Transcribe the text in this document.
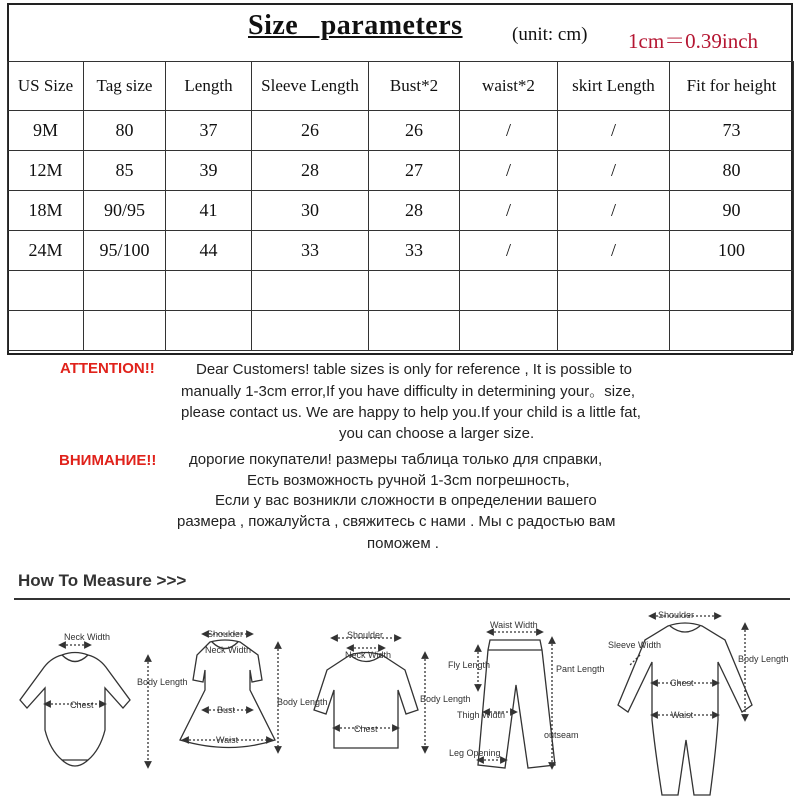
Size   parameters	(unit: cm) 1cm＝0.39inch
US Size	Tag size	Length	Sleeve Length	Bust*2	waist*2	skirt Length	Fit for height
9M	80	37	26	26	/	/	73
12M	85	39	28	27	/	/	80
18M	90/95	41	30	28	/	/	90
24M	95/100	44	33	33	/	/	100

ATTENTION!!	Dear Customers! table sizes is only for reference , It is possible to
manually 1-3cm error,If you have difficulty in determining your。size,
please contact us. We are happy to help you.If your child is a little fat,
you can choose a larger size.
ВНИМАНИЕ!! дорогие покупатели! размеры таблица только для справки,
Есть возможность ручной 1-3cm погрешность,
Если у вас возникли сложности в определении вашего
размера , пожалуйста , свяжитесь с нами . Мы с радостью вам
поможем .
How To Measure >>>
Neck Width
Chest
Body Length
Shoulder
Neck Width
Bust
Waist
Body Length
Shoulder
Neck Width
Chest
Body Length
Waist Width
Fly Length
Thigh Width
Leg Opening
Pant Length
outseam
Shoulder
Sleeve Width
Chest
Waist
Body Length
